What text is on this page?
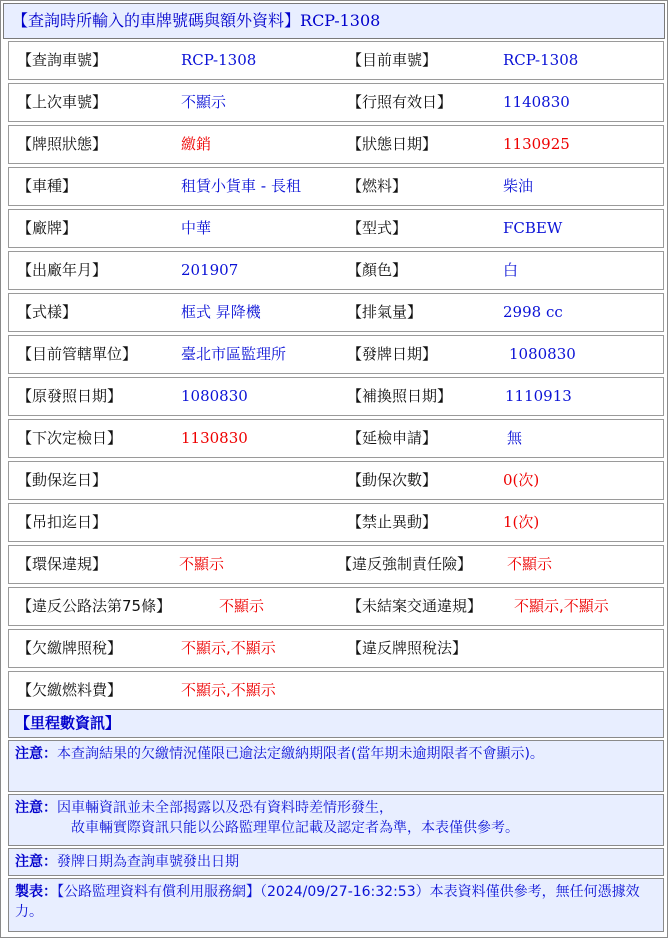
【查詢時所輸入的車牌號碼與額外資料】RCP-1308
【查詢車號】	RCP-1308	【目前車號】	RCP-1308
【上次車號】	不顯示	【行照有效日】	1140830
【牌照狀態】	繳銷	【狀態日期】	1130925
【車種】	租賃小貨車 - 長租	【燃料】	柴油
【廠牌】	中華	【型式】	FCBEW
【出廠年月】	201907	【顏色】	白
【式樣】	框式 昇降機	【排氣量】	2998 cc
【目前管轄單位】	臺北市區監理所	【發牌日期】	1080830
【原發照日期】	1080830	【補換照日期】	1110913
【下次定檢日】	1130830	【延檢申請】	無
【動保迄日】	【動保次數】	0(次)
【吊扣迄日】	【禁止異動】	1(次)
【環保違規】	不顯示	【違反強制責任險】 不顯示
【違反公路法第75條】	不顯示	【未結案交通違規】 不顯示,不顯示
【欠繳牌照稅】	不顯示,不顯示	【違反牌照稅法】
【欠繳燃料費】	不顯示,不顯示
【里程數資訊】
注意：本查詢結果的欠繳情況僅限已逾法定繳納期限者(當年期未逾期限者不會顯示)。
注意：因車輛資訊並未全部揭露以及恐有資料時差情形發生，
故車輛實際資訊只能以公路監理單位記載及認定者為準，本表僅供參考。
注意：發牌日期為查詢車號發出日期
製表：【公路監理資料有償利用服務網】（2024/09/27-16:32:53）本表資料僅供參考，無任何憑據效力。
